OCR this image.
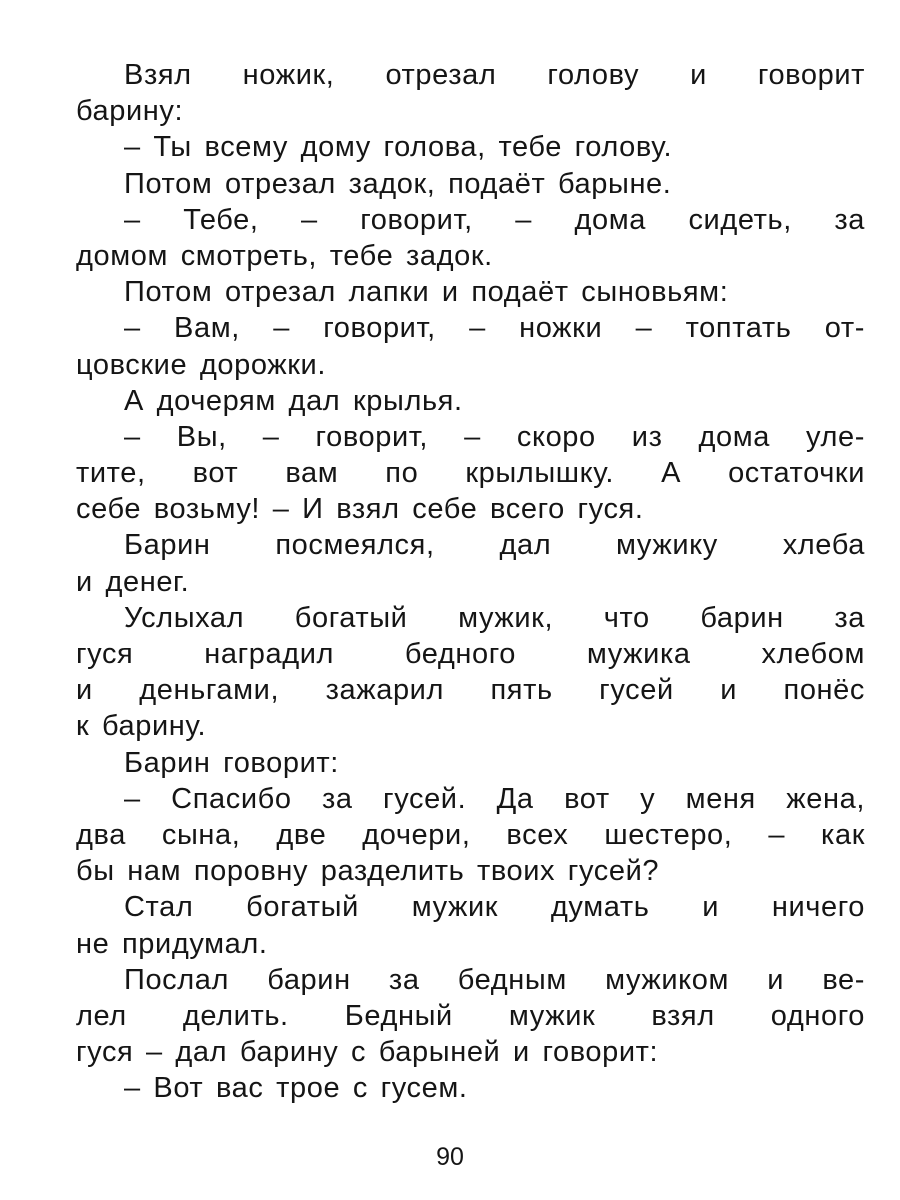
Взял ножик, отрезал голову и говорит
барину:
– Ты всему дому голова, тебе голову.
Потом отрезал задок, подаёт барыне.
– Тебе, – говорит, – дома сидеть, за
домом смотреть, тебе задок.
Потом отрезал лапки и подаёт сыновьям:
– Вам, – говорит, – ножки – топтать от-
цовские дорожки.
А дочерям дал крылья.
– Вы, – говорит, – скоро из дома уле-
тите, вот вам по крылышку. А остаточки
себе возьму! – И взял себе всего гуся.
Барин посмеялся, дал мужику хлеба
и денег.
Услыхал богатый мужик, что барин за
гуся наградил бедного мужика хлебом
и деньгами, зажарил пять гусей и понёс
к барину.
Барин говорит:
– Спасибо за гусей. Да вот у меня жена,
два сына, две дочери, всех шестеро, – как
бы нам поровну разделить твоих гусей?
Стал богатый мужик думать и ничего
не придумал.
Послал барин за бедным мужиком и ве-
лел делить. Бедный мужик взял одного
гуся – дал барину с барыней и говорит:
– Вот вас трое с гусем.
90
